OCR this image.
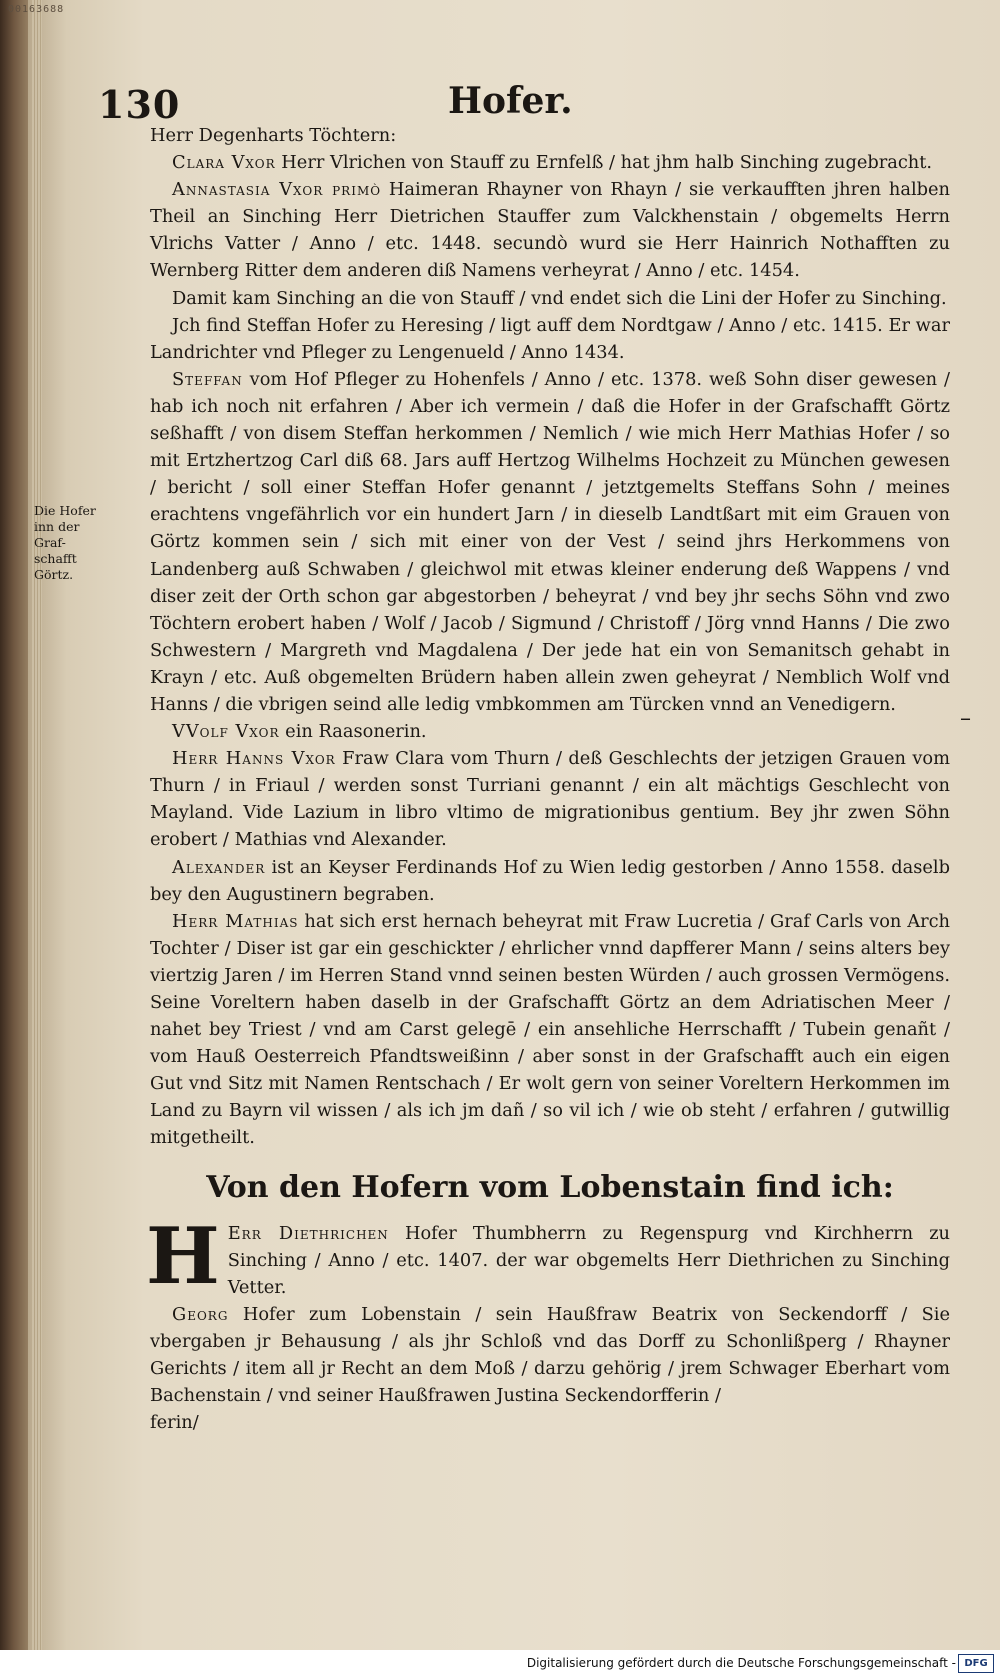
00163688
130	Hofer.
Die Hofer
inn der
Graf-
schafft
Görtz.
–

Herr Degenharts Töchtern:

Clara Vxor Herr Vlrichen von Stauff zu Ernfelß / hat jhm halb Sinching zugebracht.

Annastasia Vxor primò Haimeran Rhayner von Rhayn / sie verkaufften jhren halben Theil an Sinching Herr Dietrichen Stauffer zum Valckhenstain / obgemelts Herrn Vlrichs Vatter / Anno / etc. 1448. secundò wurd sie Herr Hainrich Nothafften zu Wernberg Ritter dem anderen diß Namens verheyrat / Anno / etc. 1454.

Damit kam Sinching an die von Stauff / vnd endet sich die Lini der Hofer zu Sinching.

Jch find Steffan Hofer zu Heresing / ligt auff dem Nordtgaw / Anno / etc. 1415. Er war Landrichter vnd Pfleger zu Lengenueld / Anno 1434.

Steffan vom Hof Pfleger zu Hohenfels / Anno / etc. 1378. weß Sohn diser gewesen / hab ich noch nit erfahren / Aber ich vermein / daß die Hofer in der Grafschafft Görtz seßhafft / von disem Steffan herkommen / Nemlich / wie mich Herr Mathias Hofer / so mit Ertzhertzog Carl diß 68. Jars auff Hertzog Wilhelms Hochzeit zu München gewesen / bericht / soll einer Steffan Hofer genannt / jetztgemelts Steffans Sohn / meines erachtens vngefährlich vor ein hundert Jarn / in dieselb Landtßart mit eim Grauen von Görtz kommen sein / sich mit einer von der Vest / seind jhrs Herkommens von Landenberg auß Schwaben / gleichwol mit etwas kleiner enderung deß Wappens / vnd diser zeit der Orth schon gar abgestorben / beheyrat / vnd bey jhr sechs Söhn vnd zwo Töchtern erobert haben / Wolf / Jacob / Sigmund / Christoff / Jörg vnnd Hanns / Die zwo Schwestern / Margreth vnd Magdalena / Der jede hat ein von Semanitsch gehabt in Krayn / etc. Auß obgemelten Brüdern haben allein zwen geheyrat / Nemblich Wolf vnd Hanns / die vbrigen seind alle ledig vmbkommen am Türcken vnnd an Venedigern.

VVolf Vxor ein Raasonerin.

Herr Hanns Vxor Fraw Clara vom Thurn / deß Geschlechts der jetzigen Grauen vom Thurn / in Friaul / werden sonst Turriani genannt / ein alt mächtigs Geschlecht von Mayland. Vide Lazium in libro vltimo de migrationibus gentium. Bey jhr zwen Söhn erobert / Mathias vnd Alexander.

Alexander ist an Keyser Ferdinands Hof zu Wien ledig gestorben / Anno 1558. daselb bey den Augustinern begraben.

Herr Mathias hat sich erst hernach beheyrat mit Fraw Lucretia / Graf Carls von Arch Tochter / Diser ist gar ein geschickter / ehrlicher vnnd dapfferer Mann / seins alters bey viertzig Jaren / im Herren Stand vnnd seinen besten Würden / auch grossen Vermögens. Seine Voreltern haben daselb in der Grafschafft Görtz an dem Adriatischen Meer / nahet bey Triest / vnd am Carst gelegē / ein ansehliche Herrschafft / Tubein genañt / vom Hauß Oesterreich Pfandtsweißinn / aber sonst in der Grafschafft auch ein eigen Gut vnd Sitz mit Namen Rentschach / Er wolt gern von seiner Voreltern Herkommen im Land zu Bayrn vil wissen / als ich jm dañ / so vil ich / wie ob steht / erfahren / gutwillig mitgetheilt.

Von den Hofern vom Lobenstain find ich:

H Err Diethrichen Hofer Thumbherrn zu Regenspurg vnd Kirchherrn zu Sinching / Anno / etc. 1407. der war obgemelts Herr Diethrichen zu Sinching Vetter.

Georg Hofer zum Lobenstain / sein Haußfraw Beatrix von Seckendorff / Sie vbergaben jr Behausung / als jhr Schloß vnd das Dorff zu Schonlißperg / Rhayner Gerichts / item all jr Recht an dem Moß / darzu gehörig / jrem Schwager Eberhart vom Bachenstain / vnd seiner Haußfrawen Justina Seckendorfferin /

ferin/

Digitalisierung gefördert durch die Deutsche Forschungsgemeinschaft - DFG
